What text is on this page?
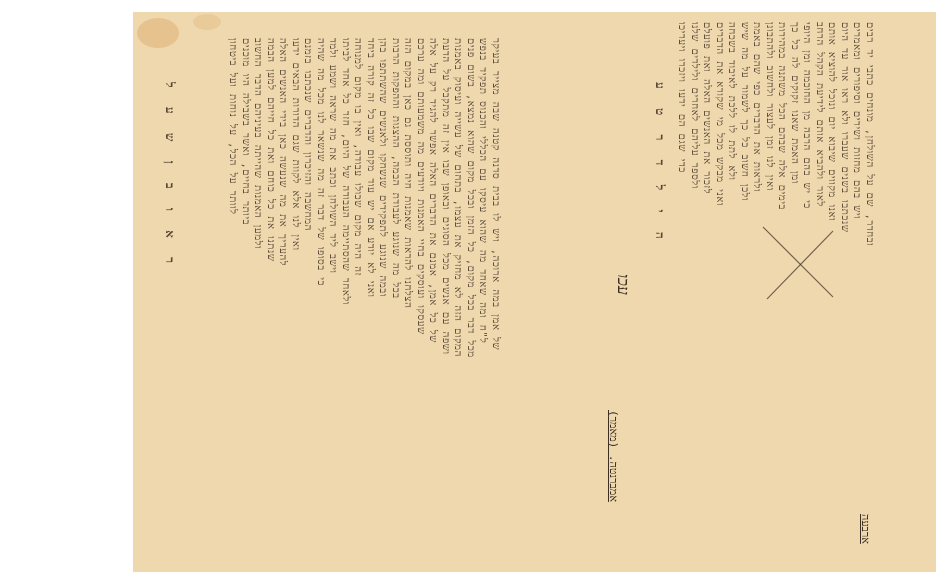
ר א ו ב ן ש ע ל	ה י ל ד ר ט ע
של אמן במה ארוכה, ויש לו בבית סדנה קטנה שבה מצייר בעיקר
ל"ח ומה שאחד מה שהוא עיסקו עם הכללי והכנוס תפקיד בנפש
מכל דבר בכל מקום, כל הזמן ובכל מקום שהוא נמצא, בשום פנים
המקום הזה לא מחזיק את עצמו, בתחום של עשייה ועיסוק באמנות
ושפה עם אנשים מכל הסוגים ובאופן שבו אין זה מתקבל על הדעת
של כל אמן, אמנם את הדברים האלה אפשר להגיד רק על אלה
שעסקו ועוסקים בחיי האמנות ויודעים מה משמעותם ומה ערכם
הצלחנו להראות שאמנות חיה ותוססת גם כאן במקום הזה
בכל מה שנוגע לעבודת הבמה, ההצגות וההפקות הרבות
ובמה שנוגע לתפקידים שנשחקו ולאנשים שהשתתפו בהן
ואני לא יודע אם יש עוד מקום שבו כל זה קורה ביחד
זה היה מקום שכולו עבודה, ואין בו מקום למנוחה
ולאחר שהסתיימה העבודה של היום, חזר כל אחד לביתו
וישב ליד השולחן וכתב את מה שראה ושמע ולמד
כי בסופו של דבר זה מה שנשאר לנו מכל מה שהיה
המחשבה והזיכרון והדברים שנכתבו בזמנם
ואין לנו אלא לקוות שגם הדורות הבאים ידעו
להעריך את מה שנעשה כאן בידי האנשים האלה
שנתנו את כל כוחם ואת כל חייהם למען הבמה
ולמען האמנות שהייתה בעיניהם הדבר החשוב
ביותר בחיים, ואשר בשבילה היו מוכנים
לוותר על הכל, על נוחות ועל ביטחון
(מאמר) .אמברנטה
עכו
ובחדר, שם על השולחן, מונחים כתבי יד רבים
ויש בהם מחזות ושירים וסיפורים ומאמרים
שנכתבו בשנים שעברו ולא ראו אור עד היום
ואנו מקווים שיבוא יום ונוכל להוציא אותם
לאור ולהביא אותם לידיעת הקהל הרחב
כי יש בהם הרבה מן החוכמה ומן היופי
ומן האמת שאנו זקוקים לה כל כך
בימים אלה שבהם הכל משתנה במהירות
ואין לנו זמן לעצור ולחשוב ולהתבונן
ולראות את הדברים כפי שהם באמת
ולכן חשוב כל כך לשמור על מה שיש
ולא לתת לו ללכת לאיבוד בשכחה
ואני מבקש מכל מי שקורא את הדברים
לזכור את האנשים האלה ואת פועלם
ולספר עליהם לאחרים ולילדים שלנו
כדי שגם הם ידעו ויזכרו ויעריכו
ארבעה
